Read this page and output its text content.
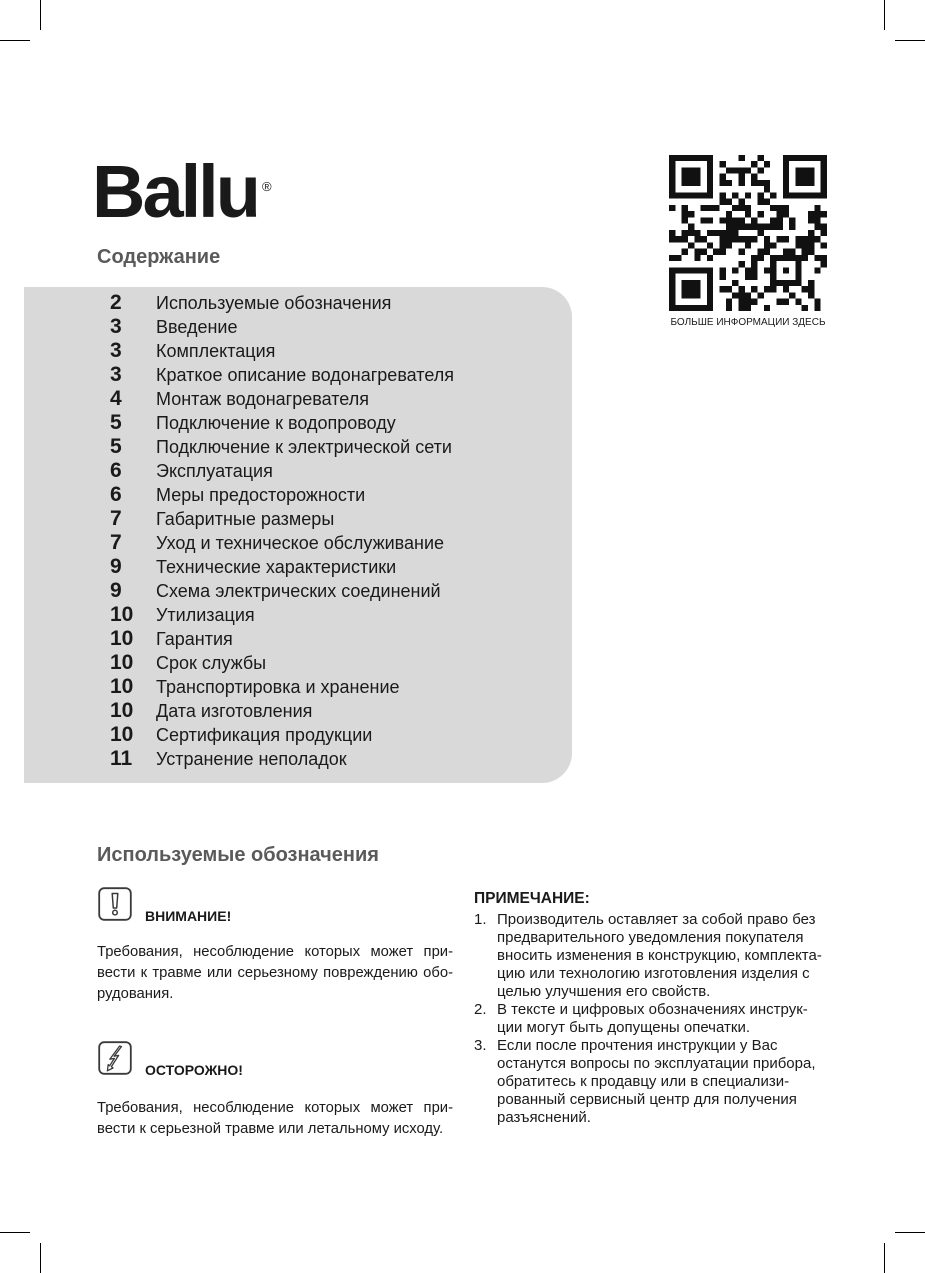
Ballu ®
Содержание
2	Используемые обозначения
3	Введение
3	Комплектация
3	Краткое описание водонагревателя
4	Монтаж водонагревателя
5	Подключение к водопроводу
5	Подключение к электрической сети
6	Эксплуатация
6	Меры предосторожности
7	Габаритные размеры
7	Уход и техническое обслуживание
9	Технические характеристики
9	Схема электрических соединений
10	Утилизация
10	Гарантия
10	Срок службы
10	Транспортировка и хранение
10	Дата изготовления
10	Сертификация продукции
11	Устранение неполадок
БОЛЬШЕ ИНФОРМАЦИИ ЗДЕСЬ
Используемые обозначения
ВНИМАНИЕ!
Требования, несоблюдение которых может при-
вести к травме или серьезному повреждению обо-
рудования.
ОСТОРОЖНО!
Требования, несоблюдение которых может при-
вести к серьезной травме или летальному исходу.
ПРИМЕЧАНИЕ:
1. Производитель оставляет за собой право без
предварительного уведомления покупателя
вносить изменения в конструкцию, комплекта-
цию или технологию изготовления изделия с
целью улучшения его свойств.
2. В тексте и цифровых обозначениях инструк-
ции могут быть допущены опечатки.
3. Если после прочтения инструкции у Вас
останутся вопросы по эксплуатации прибора,
обратитесь к продавцу или в специализи-
рованный сервисный центр для получения
разъяснений.
